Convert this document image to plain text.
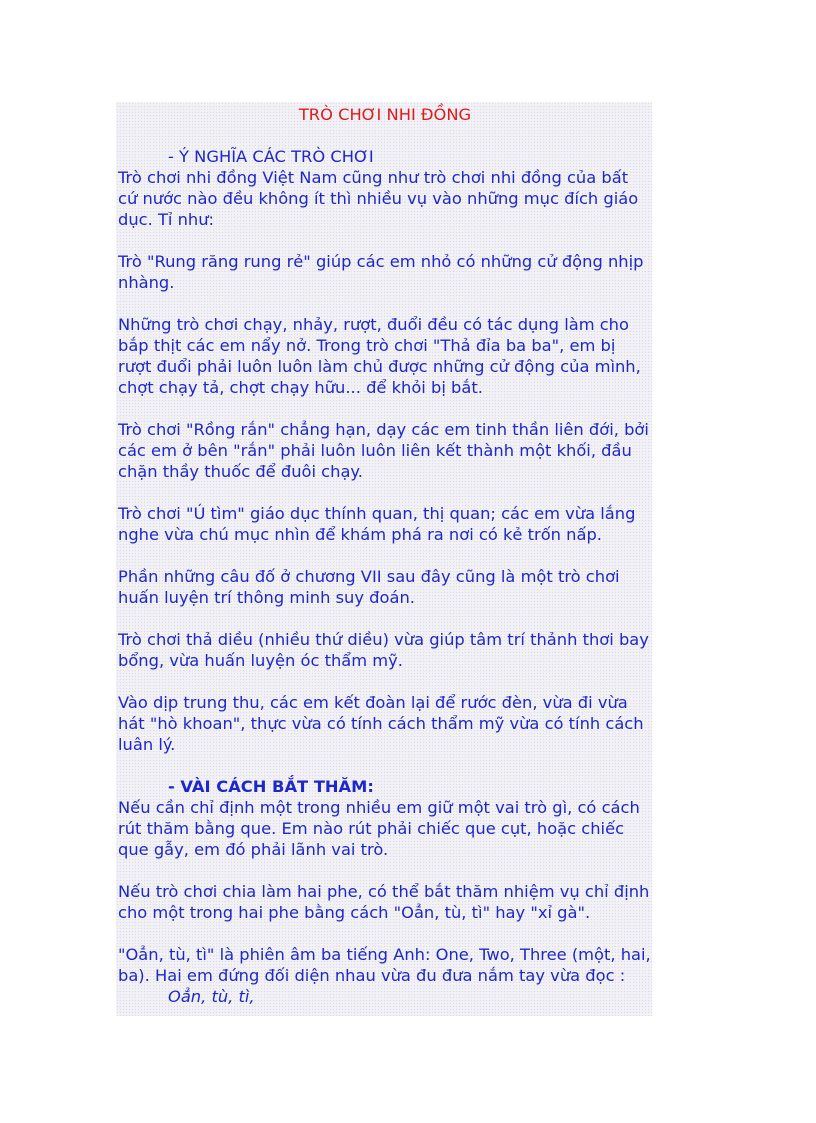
TRÒ CHƠI NHI ĐỒNG
- Ý NGHĨA CÁC TRÒ CHƠI
Trò chơi nhi đồng Việt Nam cũng như trò chơi nhi đồng của bất cứ nước nào đều không ít thì nhiều vụ vào những mục đích giáo dục. Tỉ như:
Trò "Rung răng rung rẻ" giúp các em nhỏ có những cử động nhịp nhàng.
Những trò chơi chạy, nhảy, rượt, đuổi đều có tác dụng làm cho bắp thịt các em nẩy nở. Trong trò chơi "Thả đỉa ba ba", em bị rượt đuổi phải luôn luôn làm chủ được những cử động của mình, chợt chạy tả, chợt chạy hữu... để khỏi bị bắt.
Trò chơi "Rồng rắn" chẳng hạn, dạy các em tinh thần liên đới, bởi các em ở bên "rắn" phải luôn luôn liên kết thành một khối, đầu chặn thầy thuốc để đuôi chạy.
Trò chơi "Ú tìm" giáo dục thính quan, thị quan; các em vừa lắng nghe vừa chú mục nhìn để khám phá ra nơi có kẻ trốn nấp.
Phần những câu đố ở chương VII sau đây cũng là một trò chơi huấn luyện trí thông minh suy đoán.
Trò chơi thả diều (nhiều thứ diều) vừa giúp tâm trí thảnh thơi bay bổng, vừa huấn luyện óc thẩm mỹ.
Vào dịp trung thu, các em kết đoàn lại để rước đèn, vừa đi vừa hát "hò khoan", thực vừa có tính cách thẩm mỹ vừa có tính cách luân lý.
- VÀI CÁCH BẮT THĂM:
Nếu cần chỉ định một trong nhiều em giữ một vai trò gì, có cách rút thăm bằng que. Em nào rút phải chiếc que cụt, hoặc chiếc que gẫy, em đó phải lãnh vai trò.
Nếu trò chơi chia làm hai phe, có thể bắt thăm nhiệm vụ chỉ định cho một trong hai phe bằng cách "Oẳn, tù, tì" hay "xỉ gà".
"Oẳn, tù, tì" là phiên âm ba tiếng Anh: One, Two, Three (một, hai, ba). Hai em đứng đối diện nhau vừa đu đưa nắm tay vừa đọc :
Oẳn, tù, tì,
